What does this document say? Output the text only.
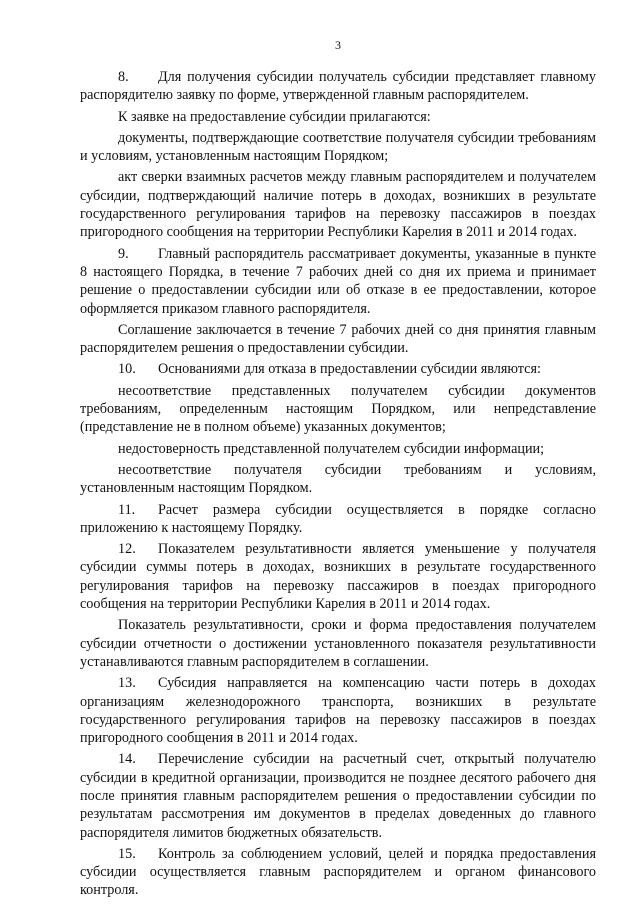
3

8. Для получения субсидии получатель субсидии представляет главному распорядителю заявку по форме, утвержденной главным распорядителем.

К заявке на предоставление субсидии прилагаются:

документы, подтверждающие соответствие получателя субсидии требованиям и условиям, установленным настоящим Порядком;

акт сверки взаимных расчетов между главным распорядителем и получателем субсидии, подтверждающий наличие потерь в доходах, возникших в результате государственного регулирования тарифов на перевозку пассажиров в поездах пригородного сообщения на территории Республики Карелия в 2011 и 2014 годах.

9. Главный распорядитель рассматривает документы, указанные в пункте 8 настоящего Порядка, в течение 7 рабочих дней со дня их приема и принимает решение о предоставлении субсидии или об отказе в ее предоставлении, которое оформляется приказом главного распорядителя.

Соглашение заключается в течение 7 рабочих дней со дня принятия главным распорядителем решения о предоставлении субсидии.

10. Основаниями для отказа в предоставлении субсидии являются:

несоответствие представленных получателем субсидии документов требованиям, определенным настоящим Порядком, или непредставление (представление не в полном объеме) указанных документов;

недостоверность представленной получателем субсидии информации;

несоответствие получателя субсидии требованиям и условиям, установленным настоящим Порядком.

11. Расчет размера субсидии осуществляется в порядке согласно приложению к настоящему Порядку.

12. Показателем результативности является уменьшение у получателя субсидии суммы потерь в доходах, возникших в результате государственного регулирования тарифов на перевозку пассажиров в поездах пригородного сообщения на территории Республики Карелия в 2011 и 2014 годах.

Показатель результативности, сроки и форма предоставления получателем субсидии отчетности о достижении установленного показателя результативности устанавливаются главным распорядителем в соглашении.

13. Субсидия направляется на компенсацию части потерь в доходах организациям железнодорожного транспорта, возникших в результате государственного регулирования тарифов на перевозку пассажиров в поездах пригородного сообщения в 2011 и 2014 годах.

14. Перечисление субсидии на расчетный счет, открытый получателю субсидии в кредитной организации, производится не позднее десятого рабочего дня после принятия главным распорядителем решения о предоставлении субсидии по результатам рассмотрения им документов в пределах доведенных до главного распорядителя лимитов бюджетных обязательств.

15. Контроль за соблюдением условий, целей и порядка предоставления субсидии осуществляется главным распорядителем и органом финансового контроля.
